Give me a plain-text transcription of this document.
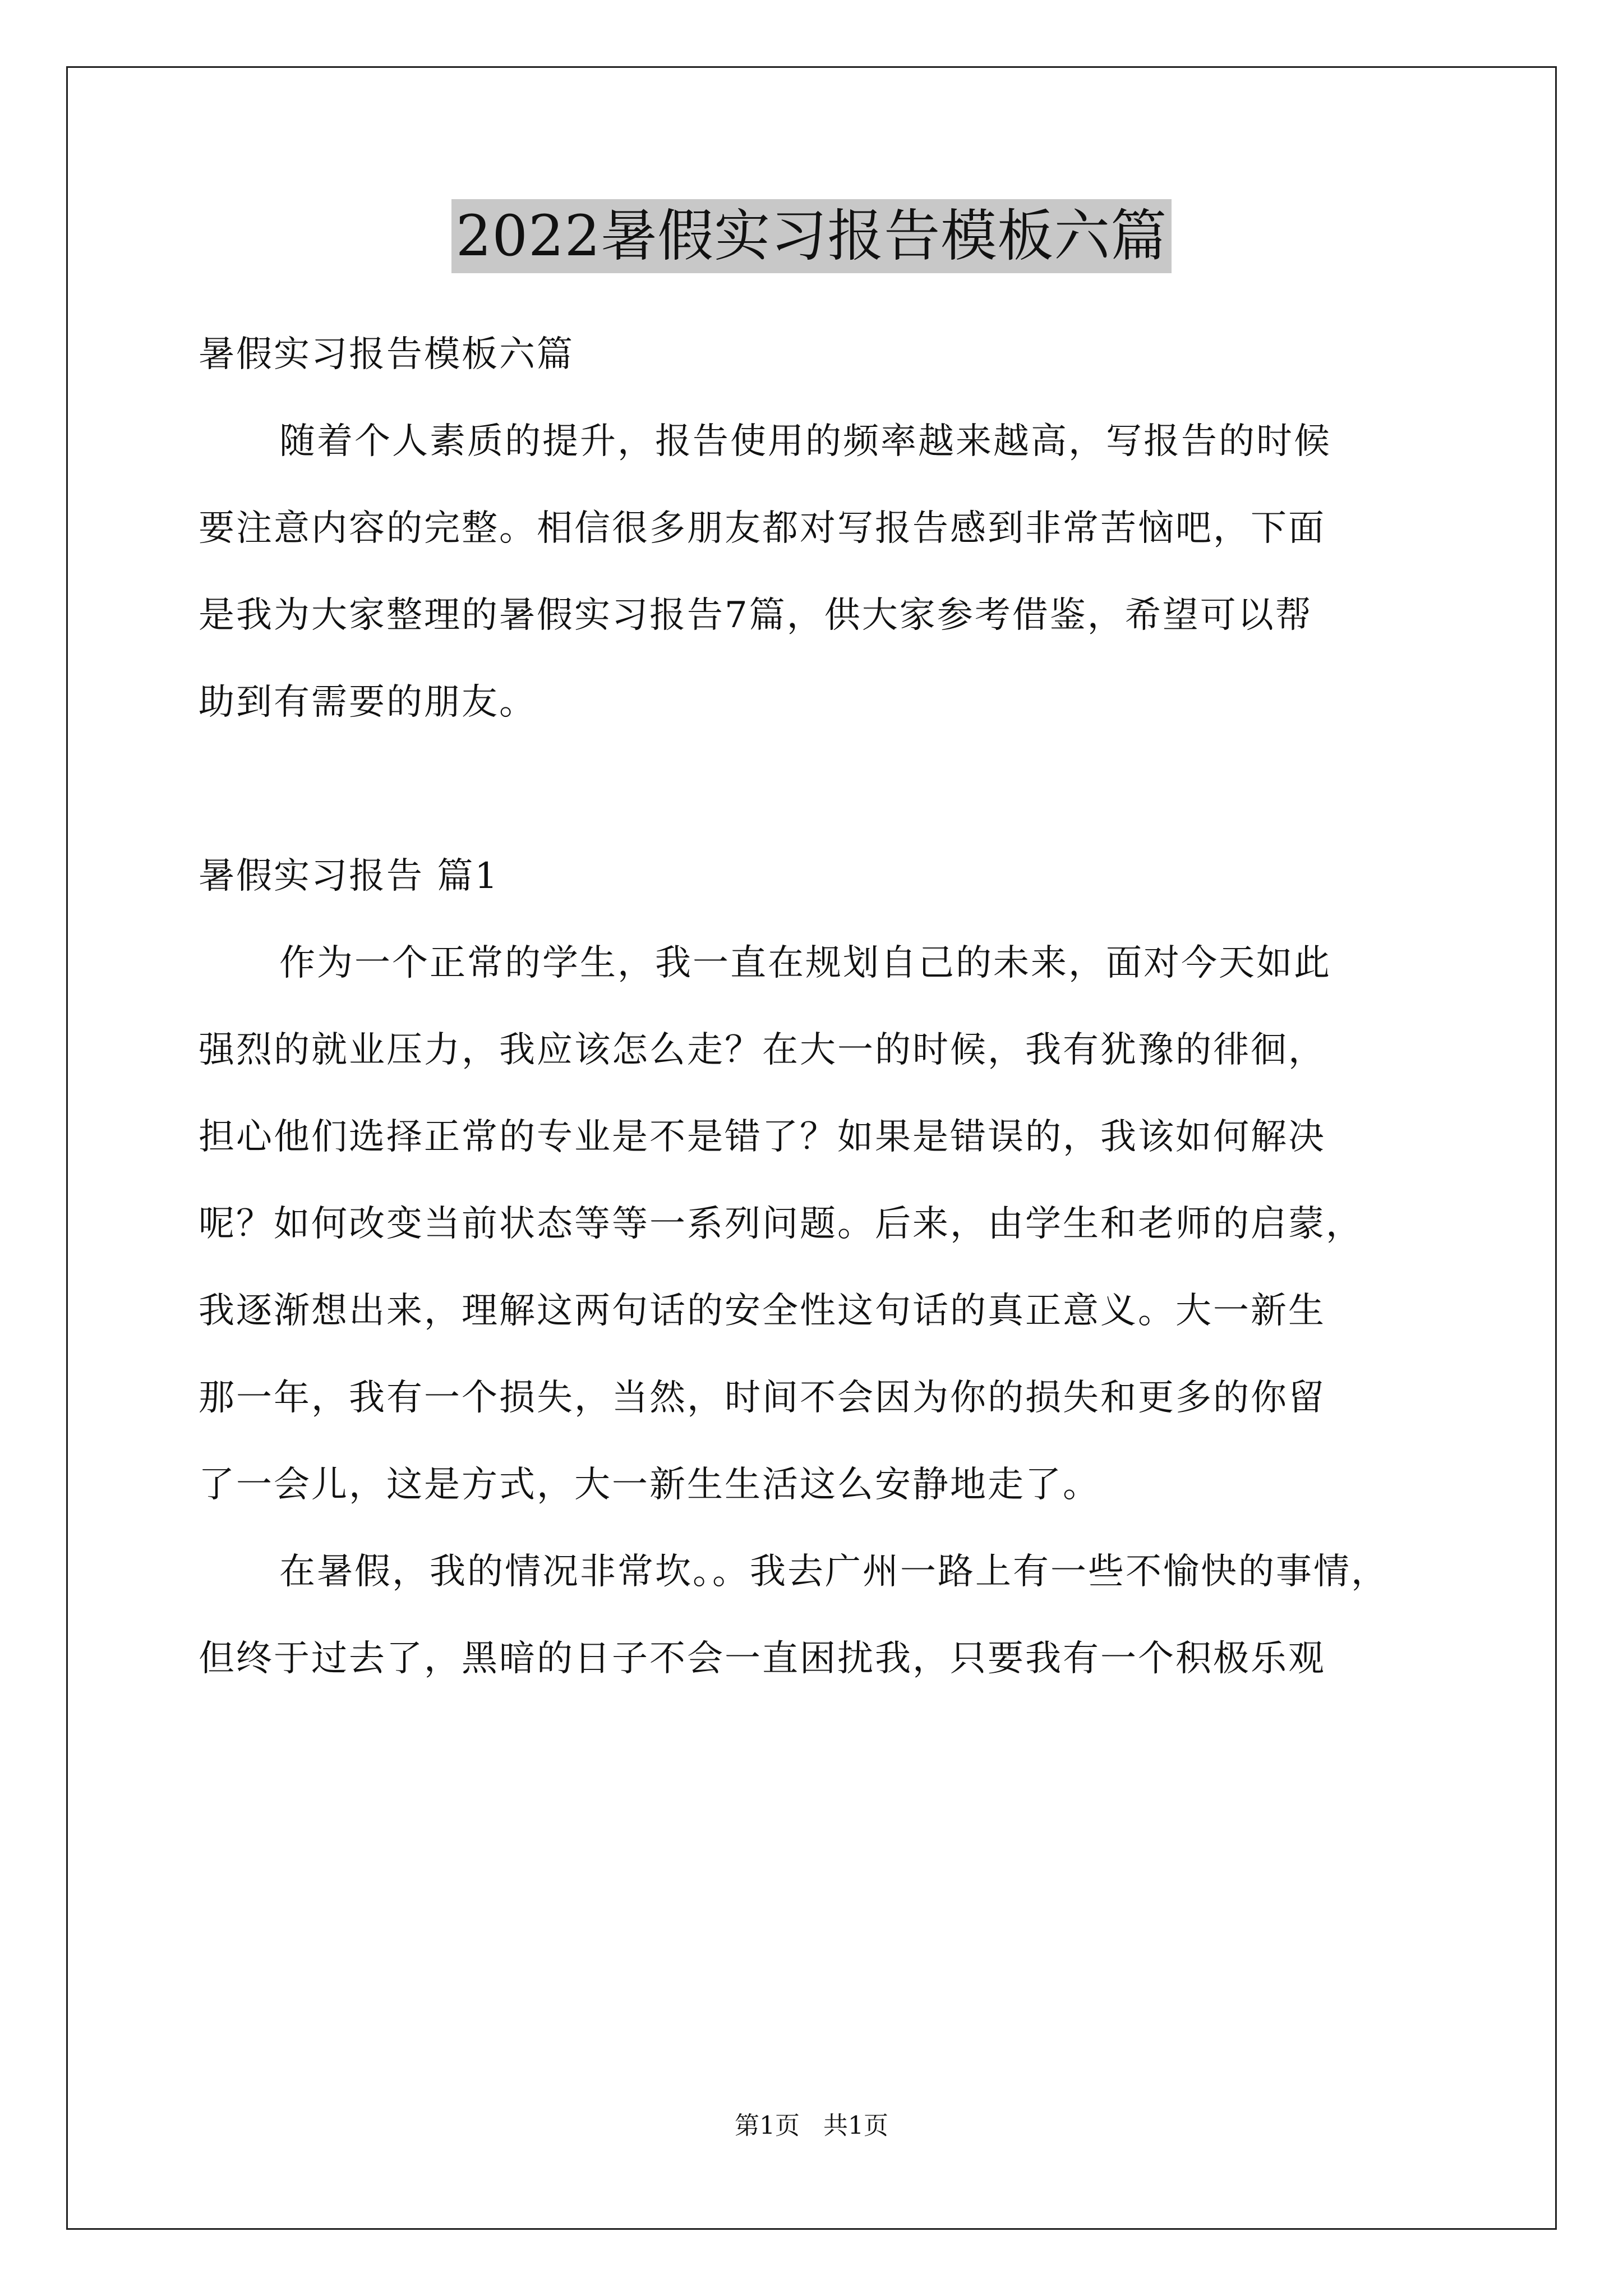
2022暑假实习报告模板六篇
暑假实习报告模板六篇
随着个人素质的提升，报告使用的频率越来越高，写报告的时候
要注意内容的完整。相信很多朋友都对写报告感到非常苦恼吧，下面
是我为大家整理的暑假实习报告7篇，供大家参考借鉴，希望可以帮
助到有需要的朋友。
暑假实习报告 篇1
作为一个正常的学生，我一直在规划自己的未来，面对今天如此
强烈的就业压力，我应该怎么走？在大一的时候，我有犹豫的徘徊，
担心他们选择正常的专业是不是错了？如果是错误的，我该如何解决
呢？如何改变当前状态等等一系列问题。后来，由学生和老师的启蒙，
我逐渐想出来，理解这两句话的安全性这句话的真正意义。大一新生
那一年，我有一个损失，当然，时间不会因为你的损失和更多的你留
了一会儿，这是方式，大一新生生活这么安静地走了。
在暑假，我的情况非常坎。。我去广州一路上有一些不愉快的事情，
但终于过去了，黑暗的日子不会一直困扰我，只要我有一个积极乐观
第1页 共1页
